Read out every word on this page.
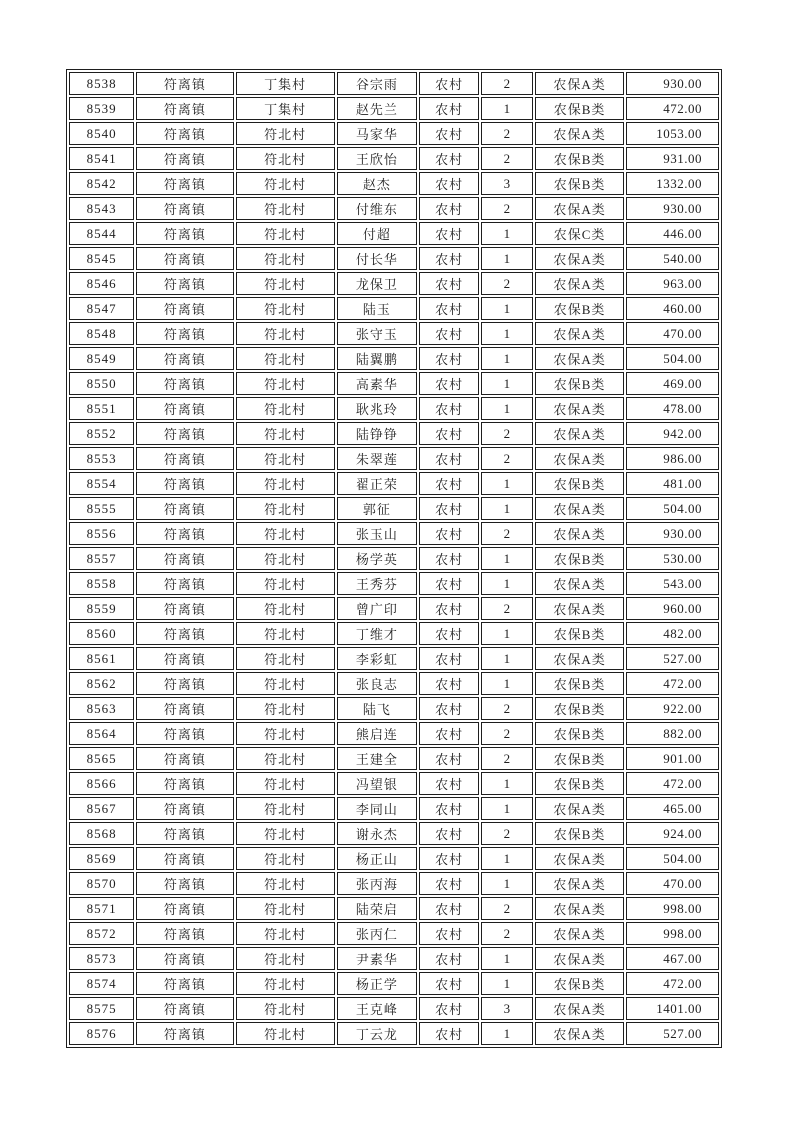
8538	符离镇	丁集村	谷宗雨	农村	2	农保A类	930.00
8539	符离镇	丁集村	赵先兰	农村	1	农保B类	472.00
8540	符离镇	符北村	马家华	农村	2	农保A类	1053.00
8541	符离镇	符北村	王欣怡	农村	2	农保B类	931.00
8542	符离镇	符北村	赵杰	农村	3	农保B类	1332.00
8543	符离镇	符北村	付维东	农村	2	农保A类	930.00
8544	符离镇	符北村	付超	农村	1	农保C类	446.00
8545	符离镇	符北村	付长华	农村	1	农保A类	540.00
8546	符离镇	符北村	龙保卫	农村	2	农保A类	963.00
8547	符离镇	符北村	陆玉	农村	1	农保B类	460.00
8548	符离镇	符北村	张守玉	农村	1	农保A类	470.00
8549	符离镇	符北村	陆翼鹏	农村	1	农保A类	504.00
8550	符离镇	符北村	高素华	农村	1	农保B类	469.00
8551	符离镇	符北村	耿兆玲	农村	1	农保A类	478.00
8552	符离镇	符北村	陆铮铮	农村	2	农保A类	942.00
8553	符离镇	符北村	朱翠莲	农村	2	农保A类	986.00
8554	符离镇	符北村	翟正荣	农村	1	农保B类	481.00
8555	符离镇	符北村	郭征	农村	1	农保A类	504.00
8556	符离镇	符北村	张玉山	农村	2	农保A类	930.00
8557	符离镇	符北村	杨学英	农村	1	农保B类	530.00
8558	符离镇	符北村	王秀芬	农村	1	农保A类	543.00
8559	符离镇	符北村	曾广印	农村	2	农保A类	960.00
8560	符离镇	符北村	丁维才	农村	1	农保B类	482.00
8561	符离镇	符北村	李彩虹	农村	1	农保A类	527.00
8562	符离镇	符北村	张良志	农村	1	农保B类	472.00
8563	符离镇	符北村	陆飞	农村	2	农保B类	922.00
8564	符离镇	符北村	熊启连	农村	2	农保B类	882.00
8565	符离镇	符北村	王建全	农村	2	农保B类	901.00
8566	符离镇	符北村	冯望银	农村	1	农保B类	472.00
8567	符离镇	符北村	李同山	农村	1	农保A类	465.00
8568	符离镇	符北村	谢永杰	农村	2	农保B类	924.00
8569	符离镇	符北村	杨正山	农村	1	农保A类	504.00
8570	符离镇	符北村	张丙海	农村	1	农保A类	470.00
8571	符离镇	符北村	陆荣启	农村	2	农保A类	998.00
8572	符离镇	符北村	张丙仁	农村	2	农保A类	998.00
8573	符离镇	符北村	尹素华	农村	1	农保A类	467.00
8574	符离镇	符北村	杨正学	农村	1	农保B类	472.00
8575	符离镇	符北村	王克峰	农村	3	农保A类	1401.00
8576	符离镇	符北村	丁云龙	农村	1	农保A类	527.00
